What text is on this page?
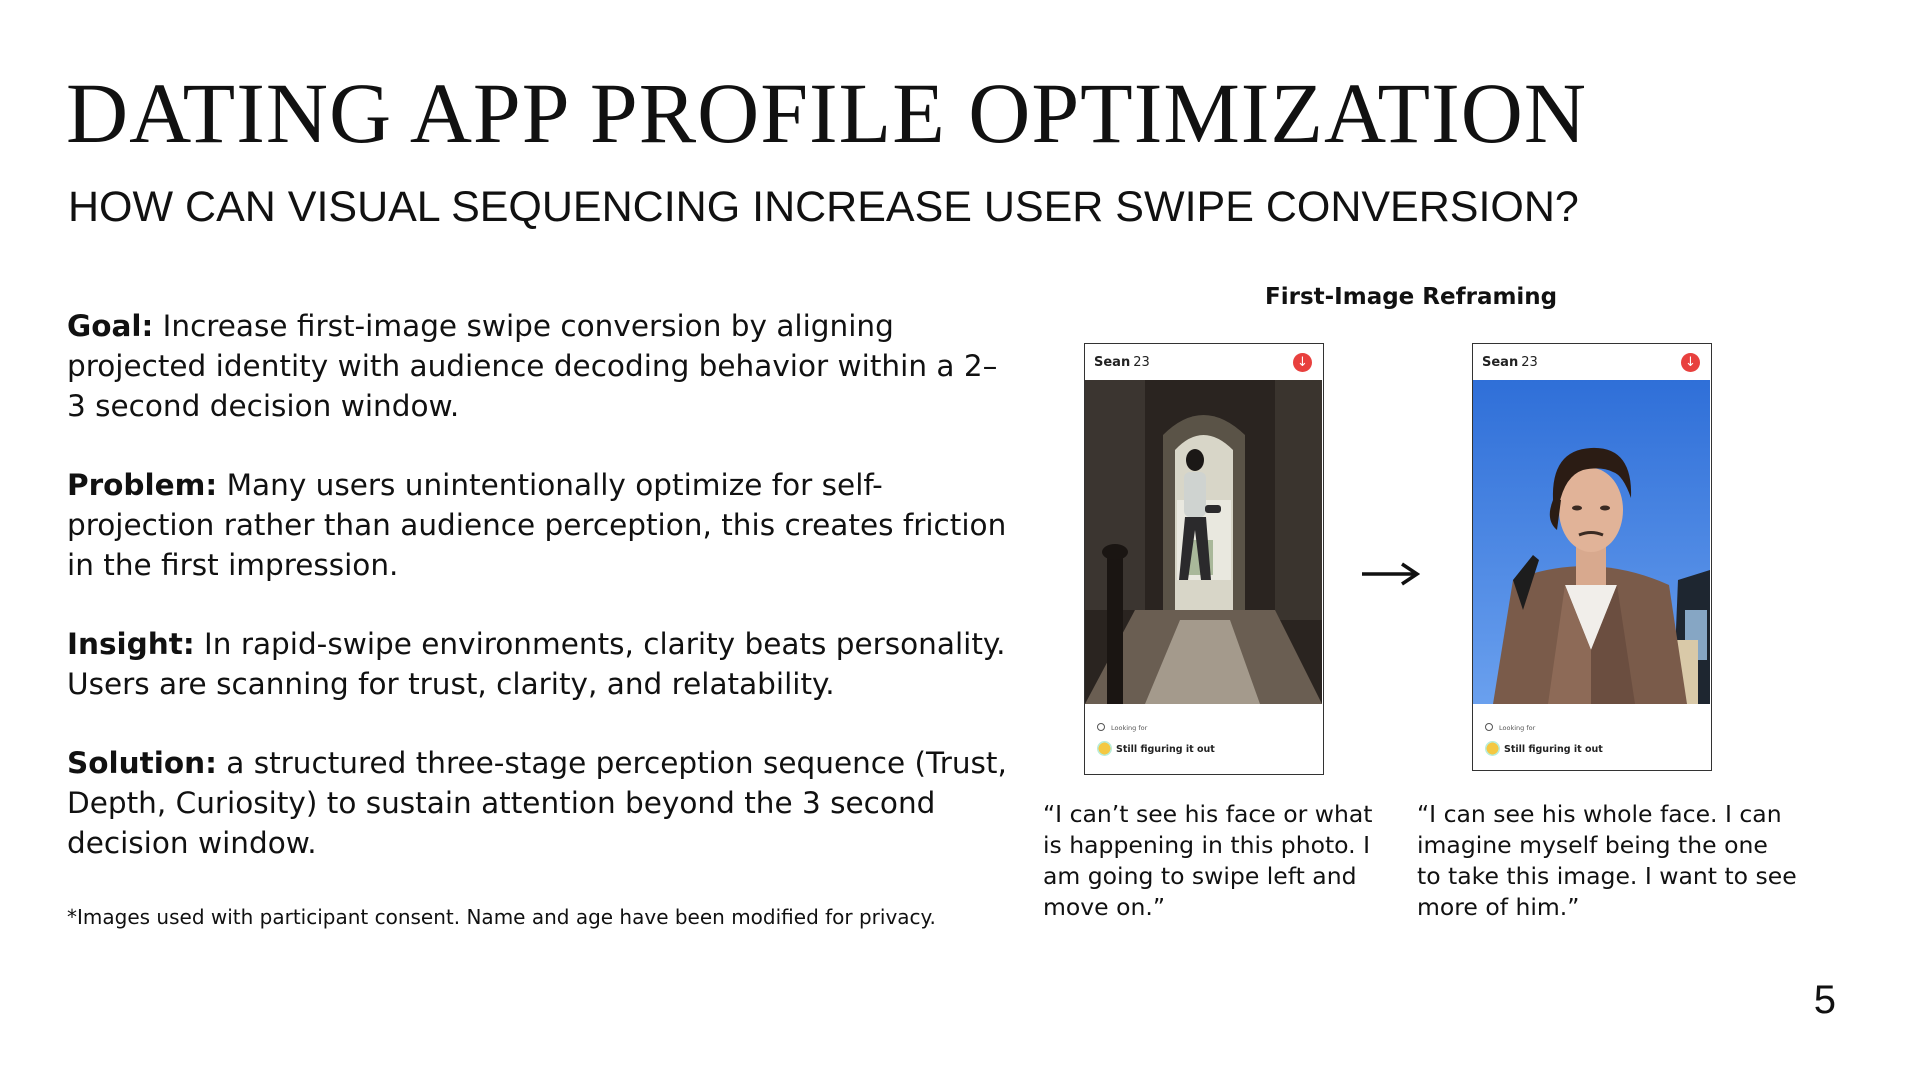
DATING APP PROFILE OPTIMIZATION
HOW CAN VISUAL SEQUENCING INCREASE USER SWIPE CONVERSION?

Goal: Increase first-image swipe conversion by aligning projected identity with audience decoding behavior within a 2–3 second decision window.

Problem: Many users unintentionally optimize for self-projection rather than audience perception, this creates friction in the first impression.

Insight: In rapid-swipe environments, clarity beats personality. Users are scanning for trust, clarity, and relatability.

Solution: a structured three-stage perception sequence (Trust, Depth, Curiosity) to sustain attention beyond the 3 second decision window.

*Images used with participant consent. Name and age have been modified for privacy.
First-Image Reframing
Sean 23	↓
Looking for
Still figuring it out
Sean 23	↓
Looking for
Still figuring it out
“I can’t see his face or what is happening in this photo. I am going to swipe left and move on.”
“I can see his whole face. I can imagine myself being the one to take this image. I want to see more of him.”
5
